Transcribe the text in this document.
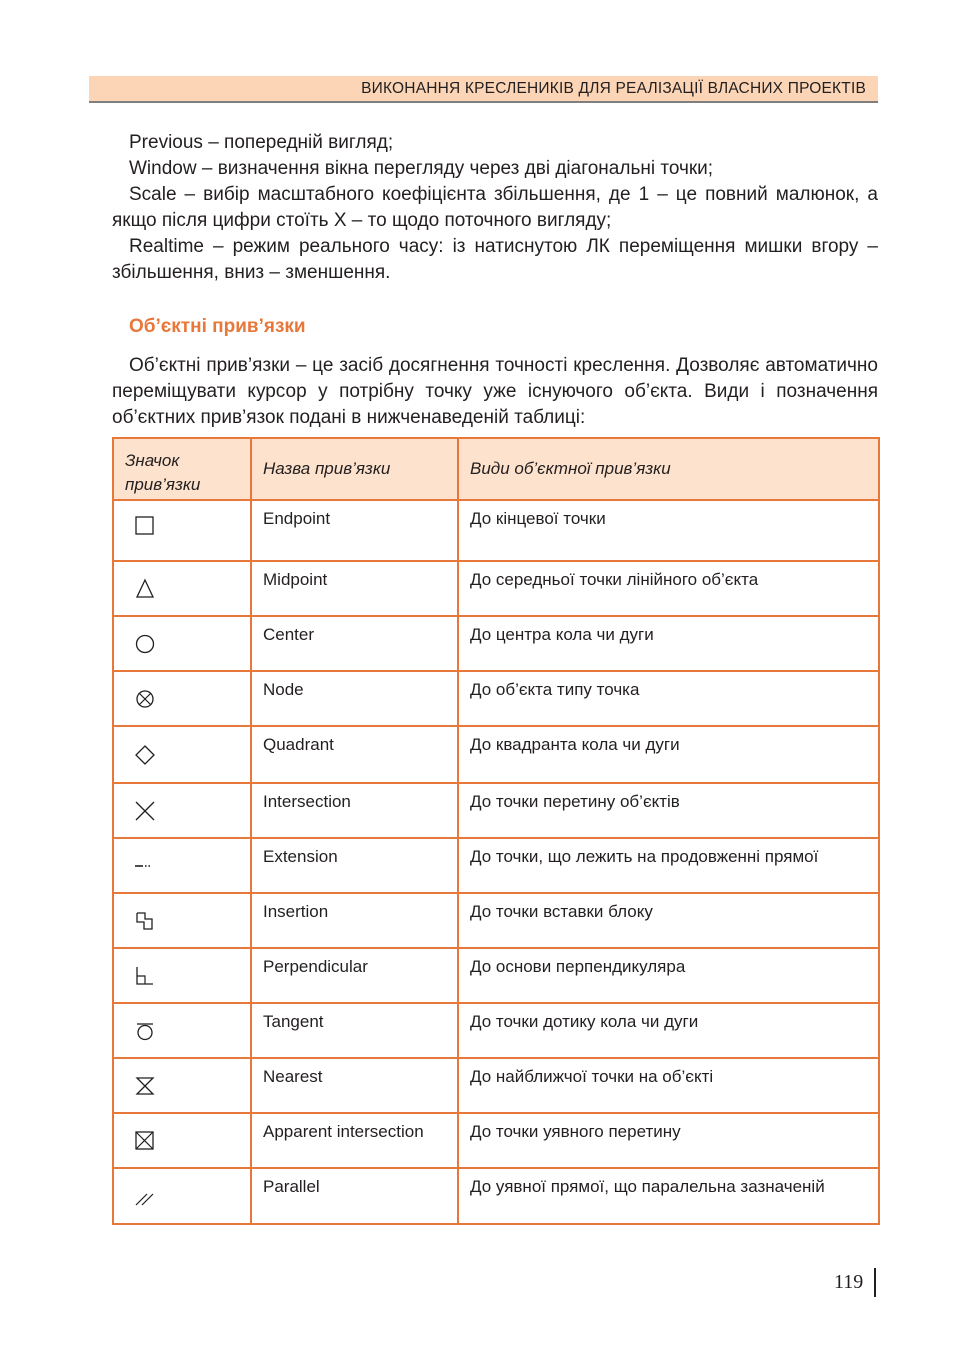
ВИКОНАННЯ КРЕСЛЕНИКІВ ДЛЯ РЕАЛІЗАЦІЇ ВЛАСНИХ ПРОЕКТІВ

Previous – попередній вигляд;

Window – визначення вікна перегляду через дві діагональні точки;

Scale – вибір масштабного коефіцієнта збільшення, де 1 – це повний малюнок, а якщо після цифри стоїть X – то щодо поточного вигляду;

Realtime – режим реального часу: із натиснутою ЛК переміщення мишки вгору – збільшення, вниз – зменшення.

Об’єктні прив’язки

Об’єктні прив’язки – це засіб досягнення точності креслення. Дозволяє автоматично переміщувати курсор у потрібну точку уже існуючого об’єкта. Види і позначення об’єктних прив’язок подані в нижченаведеній таблиці:

Значок прив’язки	Назва прив’язки	Види об’єктної прив’язки

	Endpoint	До кінцевої точки

	Midpoint	До середньої точки лінійного об’єкта

	Center	До центра кола чи дуги

	Node	До об’єкта типу точка

	Quadrant	До квадранта кола чи дуги

	Intersection	До точки перетину об’єктів

	Extension	До точки, що лежить на продовженні прямої

	Insertion	До точки вставки блоку

	Perpendicular	До основи перпендикуляра

	Tangent	До точки дотику кола чи дуги

	Nearest	До найближчої точки на об’єкті

	Apparent intersection	До точки уявного перетину

	Parallel	До уявної прямої, що паралельна зазначеній
119
